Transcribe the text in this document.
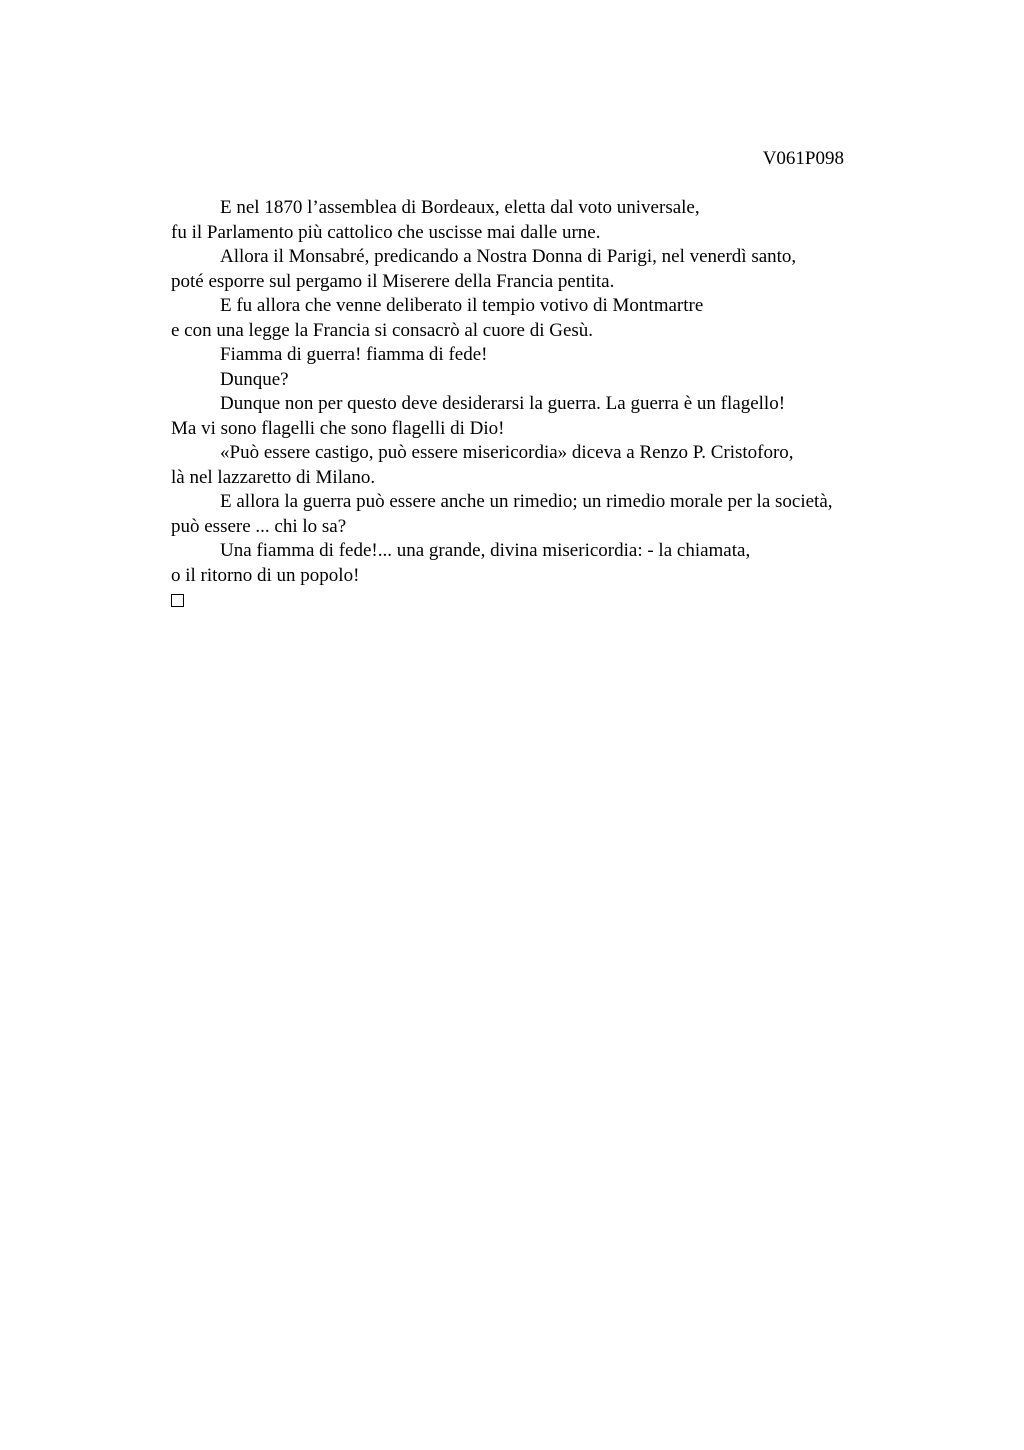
V061P098
E nel 1870 l’assemblea di Bordeaux, eletta dal voto universale,
fu il Parlamento più cattolico che uscisse mai dalle urne.
Allora il Monsabré, predicando a Nostra Donna di Parigi, nel venerdì santo,
poté esporre sul pergamo il Miserere della Francia pentita.
E fu allora che venne deliberato il tempio votivo di Montmartre
e con una legge la Francia si consacrò al cuore di Gesù.
Fiamma di guerra! fiamma di fede!
Dunque?
Dunque non per questo deve desiderarsi la guerra. La guerra è un flagello!
Ma vi sono flagelli che sono flagelli di Dio!
«Può essere castigo, può essere misericordia» diceva a Renzo P. Cristoforo,
là nel lazzaretto di Milano.
E allora la guerra può essere anche un rimedio; un rimedio morale per la società,
può essere ... chi lo sa?
Una fiamma di fede!... una grande, divina misericordia: - la chiamata,
o il ritorno di un popolo!
